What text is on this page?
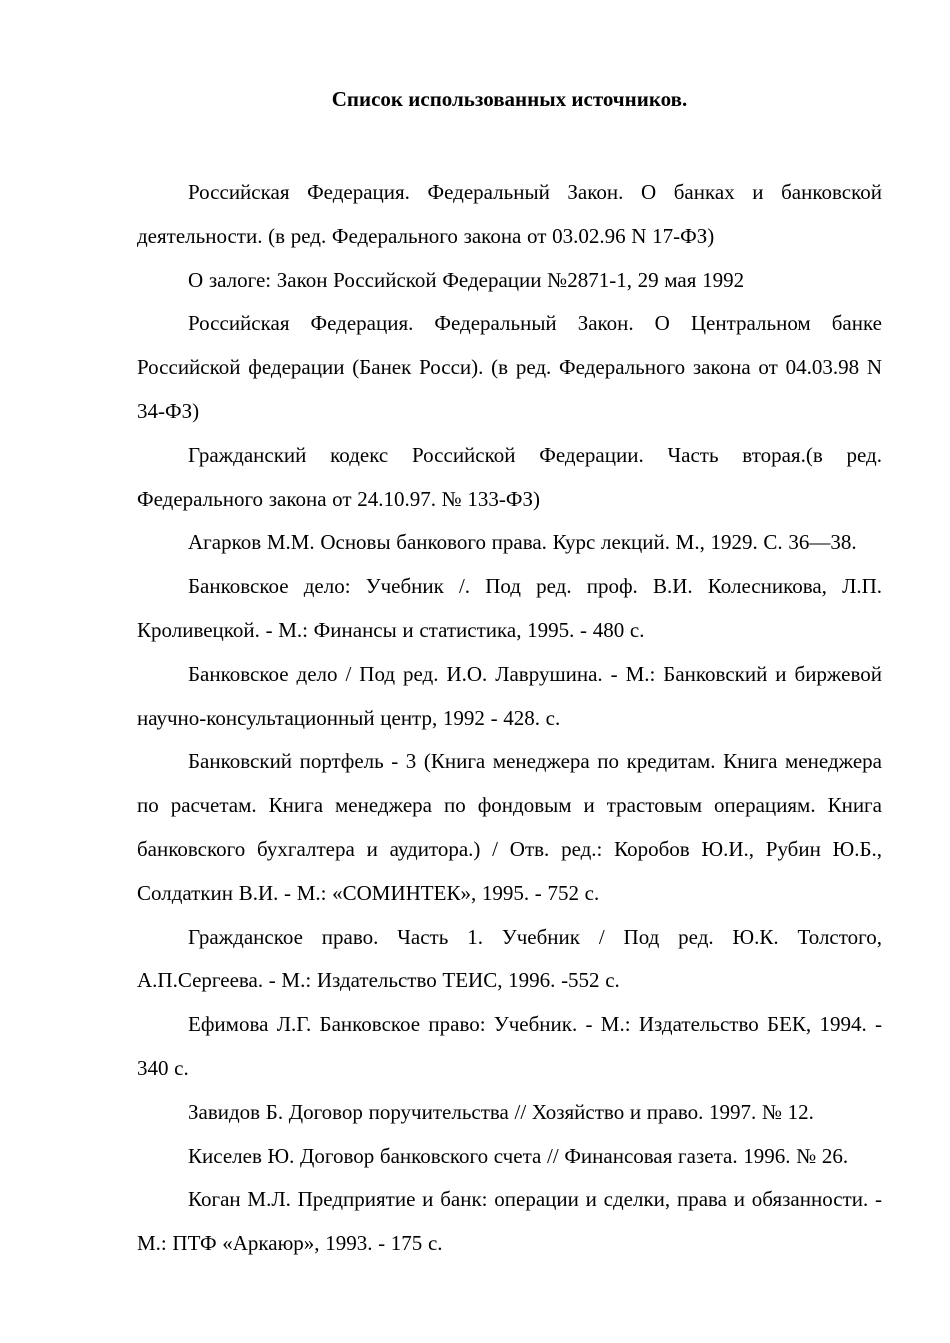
Список использованных источников.

Российская Федерация. Федеральный Закон. О банках и банковской деятельности. (в ред. Федерального закона от 03.02.96 N 17-ФЗ)

О залоге: Закон Российской Федерации №2871-1, 29 мая 1992

Российская Федерация. Федеральный Закон. О Центральном банке Российской федерации (Банек Росси). (в ред. Федерального закона от 04.03.98 N 34-ФЗ)

Гражданский кодекс Российской Федерации. Часть вторая.(в ред. Федерального закона от 24.10.97. № 133-ФЗ)

Агарков М.М. Основы банкового права. Курс лекций. М., 1929. С. 36—38.

Банковское дело: Учебник /. Под ред. проф. В.И. Колесникова, Л.П. Кроливецкой. - М.: Финансы и статистика, 1995. - 480 с.

Банковское дело / Под ред. И.О. Лаврушина. - М.: Банковский и биржевой научно-консультационный центр, 1992 - 428. с.

Банковский портфель - 3 (Книга менеджера по кредитам. Книга менеджера по расчетам. Книга менеджера по фондовым и трастовым операциям. Книга банковского бухгалтера и аудитора.) / Отв. ред.: Коробов Ю.И., Рубин Ю.Б., Солдаткин В.И. - М.: «СОМИНТЕК», 1995. - 752 с.

Гражданское право. Часть 1. Учебник / Под ред. Ю.К. Толстого, А.П.Сергеева. - М.: Издательство ТЕИС, 1996. -552 с.

Ефимова Л.Г. Банковское право: Учебник. - М.: Издательство БЕК, 1994. - 340 с.

Завидов Б. Договор поручительства // Хозяйство и право. 1997. № 12.

Киселев Ю. Договор банковского счета // Финансовая газета. 1996. № 26.

Коган М.Л. Предприятие и банк: операции и сделки, права и обязанности. - М.: ПТФ «Аркаюр», 1993. - 175 с.
